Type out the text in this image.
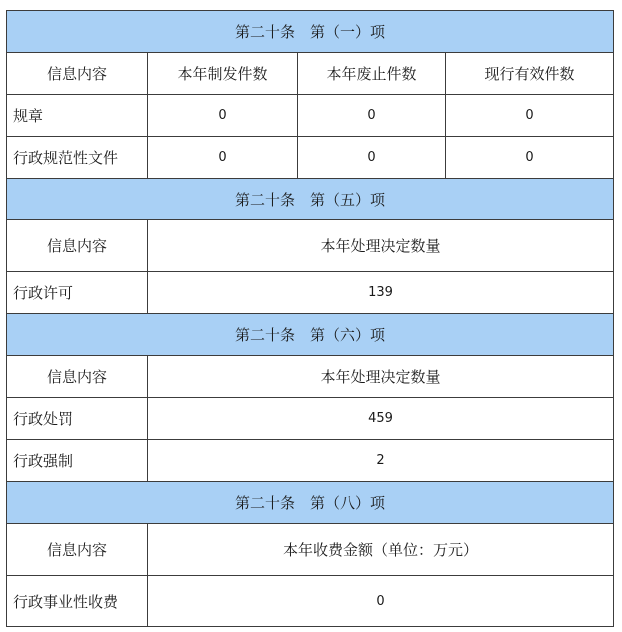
第二十条　第（一）项			
信息内容	本年制发件数	本年废止件数	现行有效件数
规章	0	0	0
行政规范性文件	0	0	0
第二十条　第（五）项			
信息内容	本年处理决定数量		
行政许可	139		
第二十条　第（六）项			
信息内容	本年处理决定数量		
行政处罚	459		
行政强制	2		
第二十条　第（八）项			
信息内容	本年收费金额（单位：万元）		
行政事业性收费	0		
